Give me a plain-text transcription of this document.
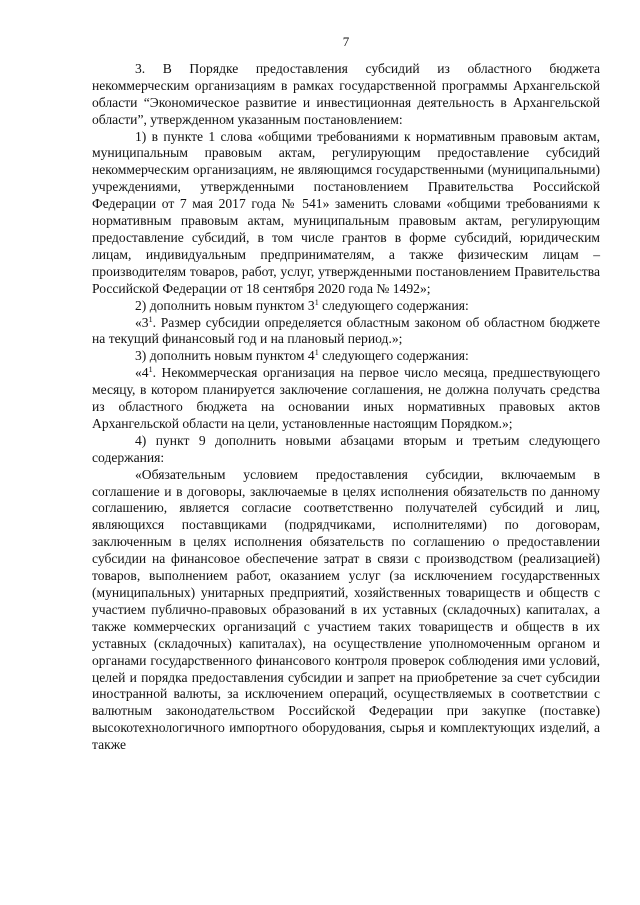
7

3. В Порядке предоставления субсидий из областного бюджета некоммерческим организациям в рамках государственной программы Архангельской области “Экономическое развитие и инвестиционная деятельность в Архангельской области”, утвержденном указанным постановлением:

1) в пункте 1 слова «общими требованиями к нормативным правовым актам, муниципальным правовым актам, регулирующим предоставление субсидий некоммерческим организациям, не являющимся государственными (муниципальными) учреждениями, утвержденными постановлением Правительства Российской Федерации от 7 мая 2017 года № 541» заменить словами «общими требованиями к нормативным правовым актам, муниципальным правовым актам, регулирующим предоставление субсидий, в том числе грантов в форме субсидий, юридическим лицам, индивидуальным предпринимателям, а также физическим лицам – производителям товаров, работ, услуг, утвержденными постановлением Правительства Российской Федерации от 18 сентября 2020 года № 1492»;

2) дополнить новым пунктом $3^1$ следующего содержания:

«$3^1$. Размер субсидии определяется областным законом об областном бюджете на текущий финансовый год и на плановый период.»;

3) дополнить новым пунктом $4^1$ следующего содержания:

«$4^1$. Некоммерческая организация на первое число месяца, предшествующего месяцу, в котором планируется заключение соглашения, не должна получать средства из областного бюджета на основании иных нормативных правовых актов Архангельской области на цели, установленные настоящим Порядком.»;

4) пункт 9 дополнить новыми абзацами вторым и третьим следующего содержания:

«Обязательным условием предоставления субсидии, включаемым в соглашение и в договоры, заключаемые в целях исполнения обязательств по данному соглашению, является согласие соответственно получателей субсидий и лиц, являющихся поставщиками (подрядчиками, исполнителями) по договорам, заключенным в целях исполнения обязательств по соглашению о предоставлении субсидии на финансовое обеспечение затрат в связи с производством (реализацией) товаров, выполнением работ, оказанием услуг (за исключением государственных (муниципальных) унитарных предприятий, хозяйственных товариществ и обществ с участием публично-правовых образований в их уставных (складочных) капиталах, а также коммерческих организаций с участием таких товариществ и обществ в их уставных (складочных) капиталах), на осуществление уполномоченным органом и органами государственного финансового контроля проверок соблюдения ими условий, целей и порядка предоставления субсидии и запрет на приобретение за счет субсидии иностранной валюты, за исключением операций, осуществляемых в соответствии с валютным законодательством Российской Федерации при закупке (поставке) высокотехнологичного импортного оборудования, сырья и комплектующих изделий, а также
